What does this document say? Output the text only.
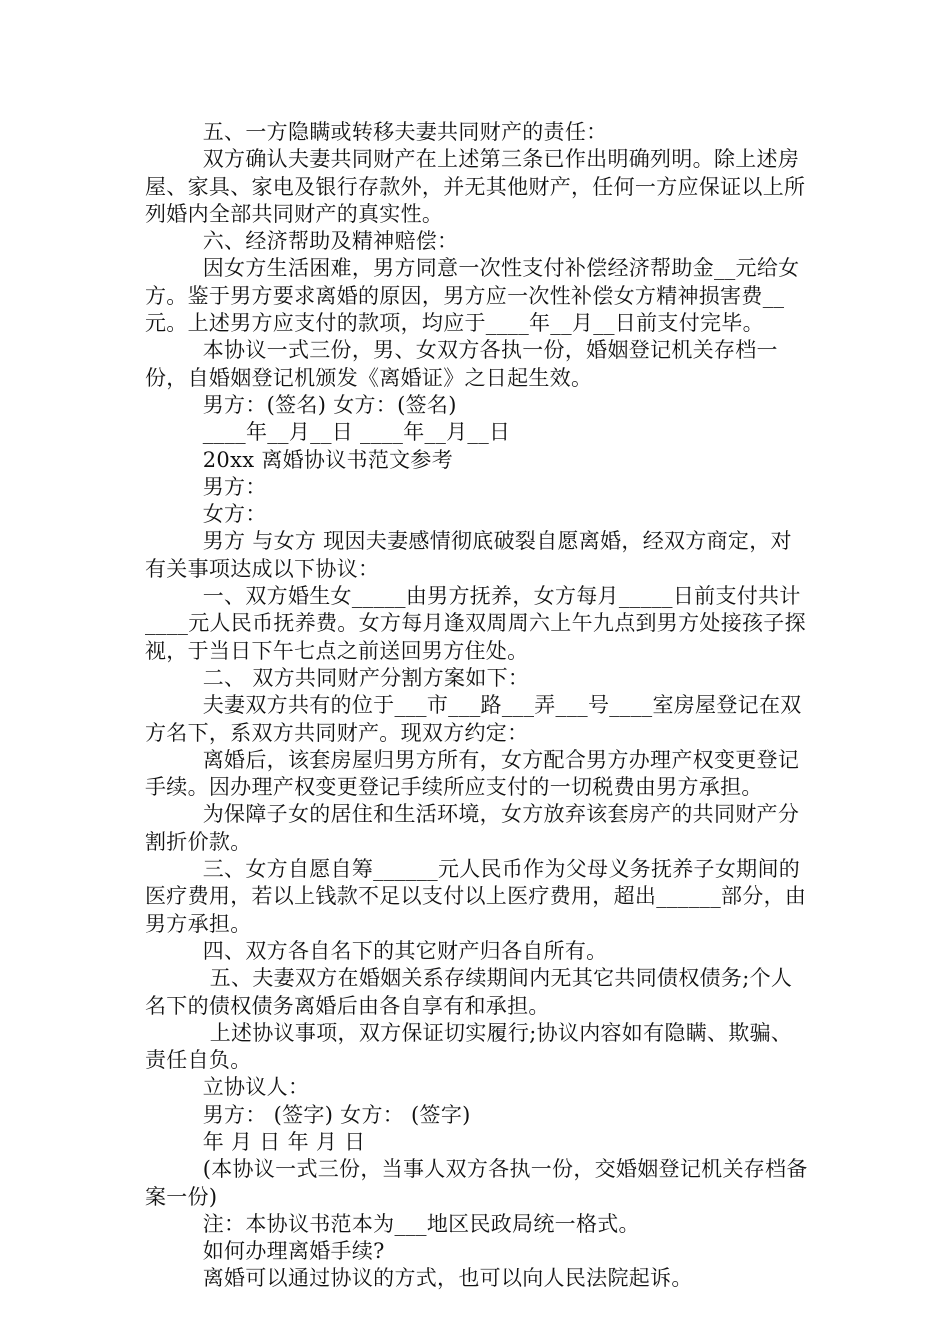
五、一方隐瞒或转移夫妻共同财产的责任：

双方确认夫妻共同财产在上述第三条已作出明确列明。除上述房屋、家具、家电及银行存款外，并无其他财产，任何一方应保证以上所列婚内全部共同财产的真实性。

六、经济帮助及精神赔偿：

因女方生活困难，男方同意一次性支付补偿经济帮助金__元给女方。鉴于男方要求离婚的原因，男方应一次性补偿女方精神损害费__元。上述男方应支付的款项，均应于____年__月__日前支付完毕。

本协议一式三份，男、女双方各执一份，婚姻登记机关存档一份，自婚姻登记机颁发《离婚证》之日起生效。

男方：(签名) 女方：(签名)

____年__月__日 ____年__月__日

20xx 离婚协议书范文参考

男方：

女方：

男方 与女方 现因夫妻感情彻底破裂自愿离婚，经双方商定，对有关事项达成以下协议：

一、双方婚生女_____由男方抚养，女方每月_____日前支付共计____元人民币抚养费。女方每月逢双周周六上午九点到男方处接孩子探视，于当日下午七点之前送回男方住处。

二、 双方共同财产分割方案如下：

夫妻双方共有的位于___市___路___弄___号____室房屋登记在双方名下，系双方共同财产。现双方约定：

离婚后，该套房屋归男方所有，女方配合男方办理产权变更登记手续。因办理产权变更登记手续所应支付的一切税费由男方承担。

为保障子女的居住和生活环境，女方放弃该套房产的共同财产分割折价款。

三、女方自愿自筹______元人民币作为父母义务抚养子女期间的医疗费用，若以上钱款不足以支付以上医疗费用，超出______部分，由男方承担。

四、双方各自名下的其它财产归各自所有。

五、夫妻双方在婚姻关系存续期间内无其它共同债权债务;个人名下的债权债务离婚后由各自享有和承担。

上述协议事项，双方保证切实履行;协议内容如有隐瞒、欺骗、责任自负。

立协议人：

男方： (签字) 女方： (签字)

年 月 日 年 月 日

(本协议一式三份，当事人双方各执一份，交婚姻登记机关存档备案一份)

注：本协议书范本为___地区民政局统一格式。

如何办理离婚手续?

离婚可以通过协议的方式，也可以向人民法院起诉。
